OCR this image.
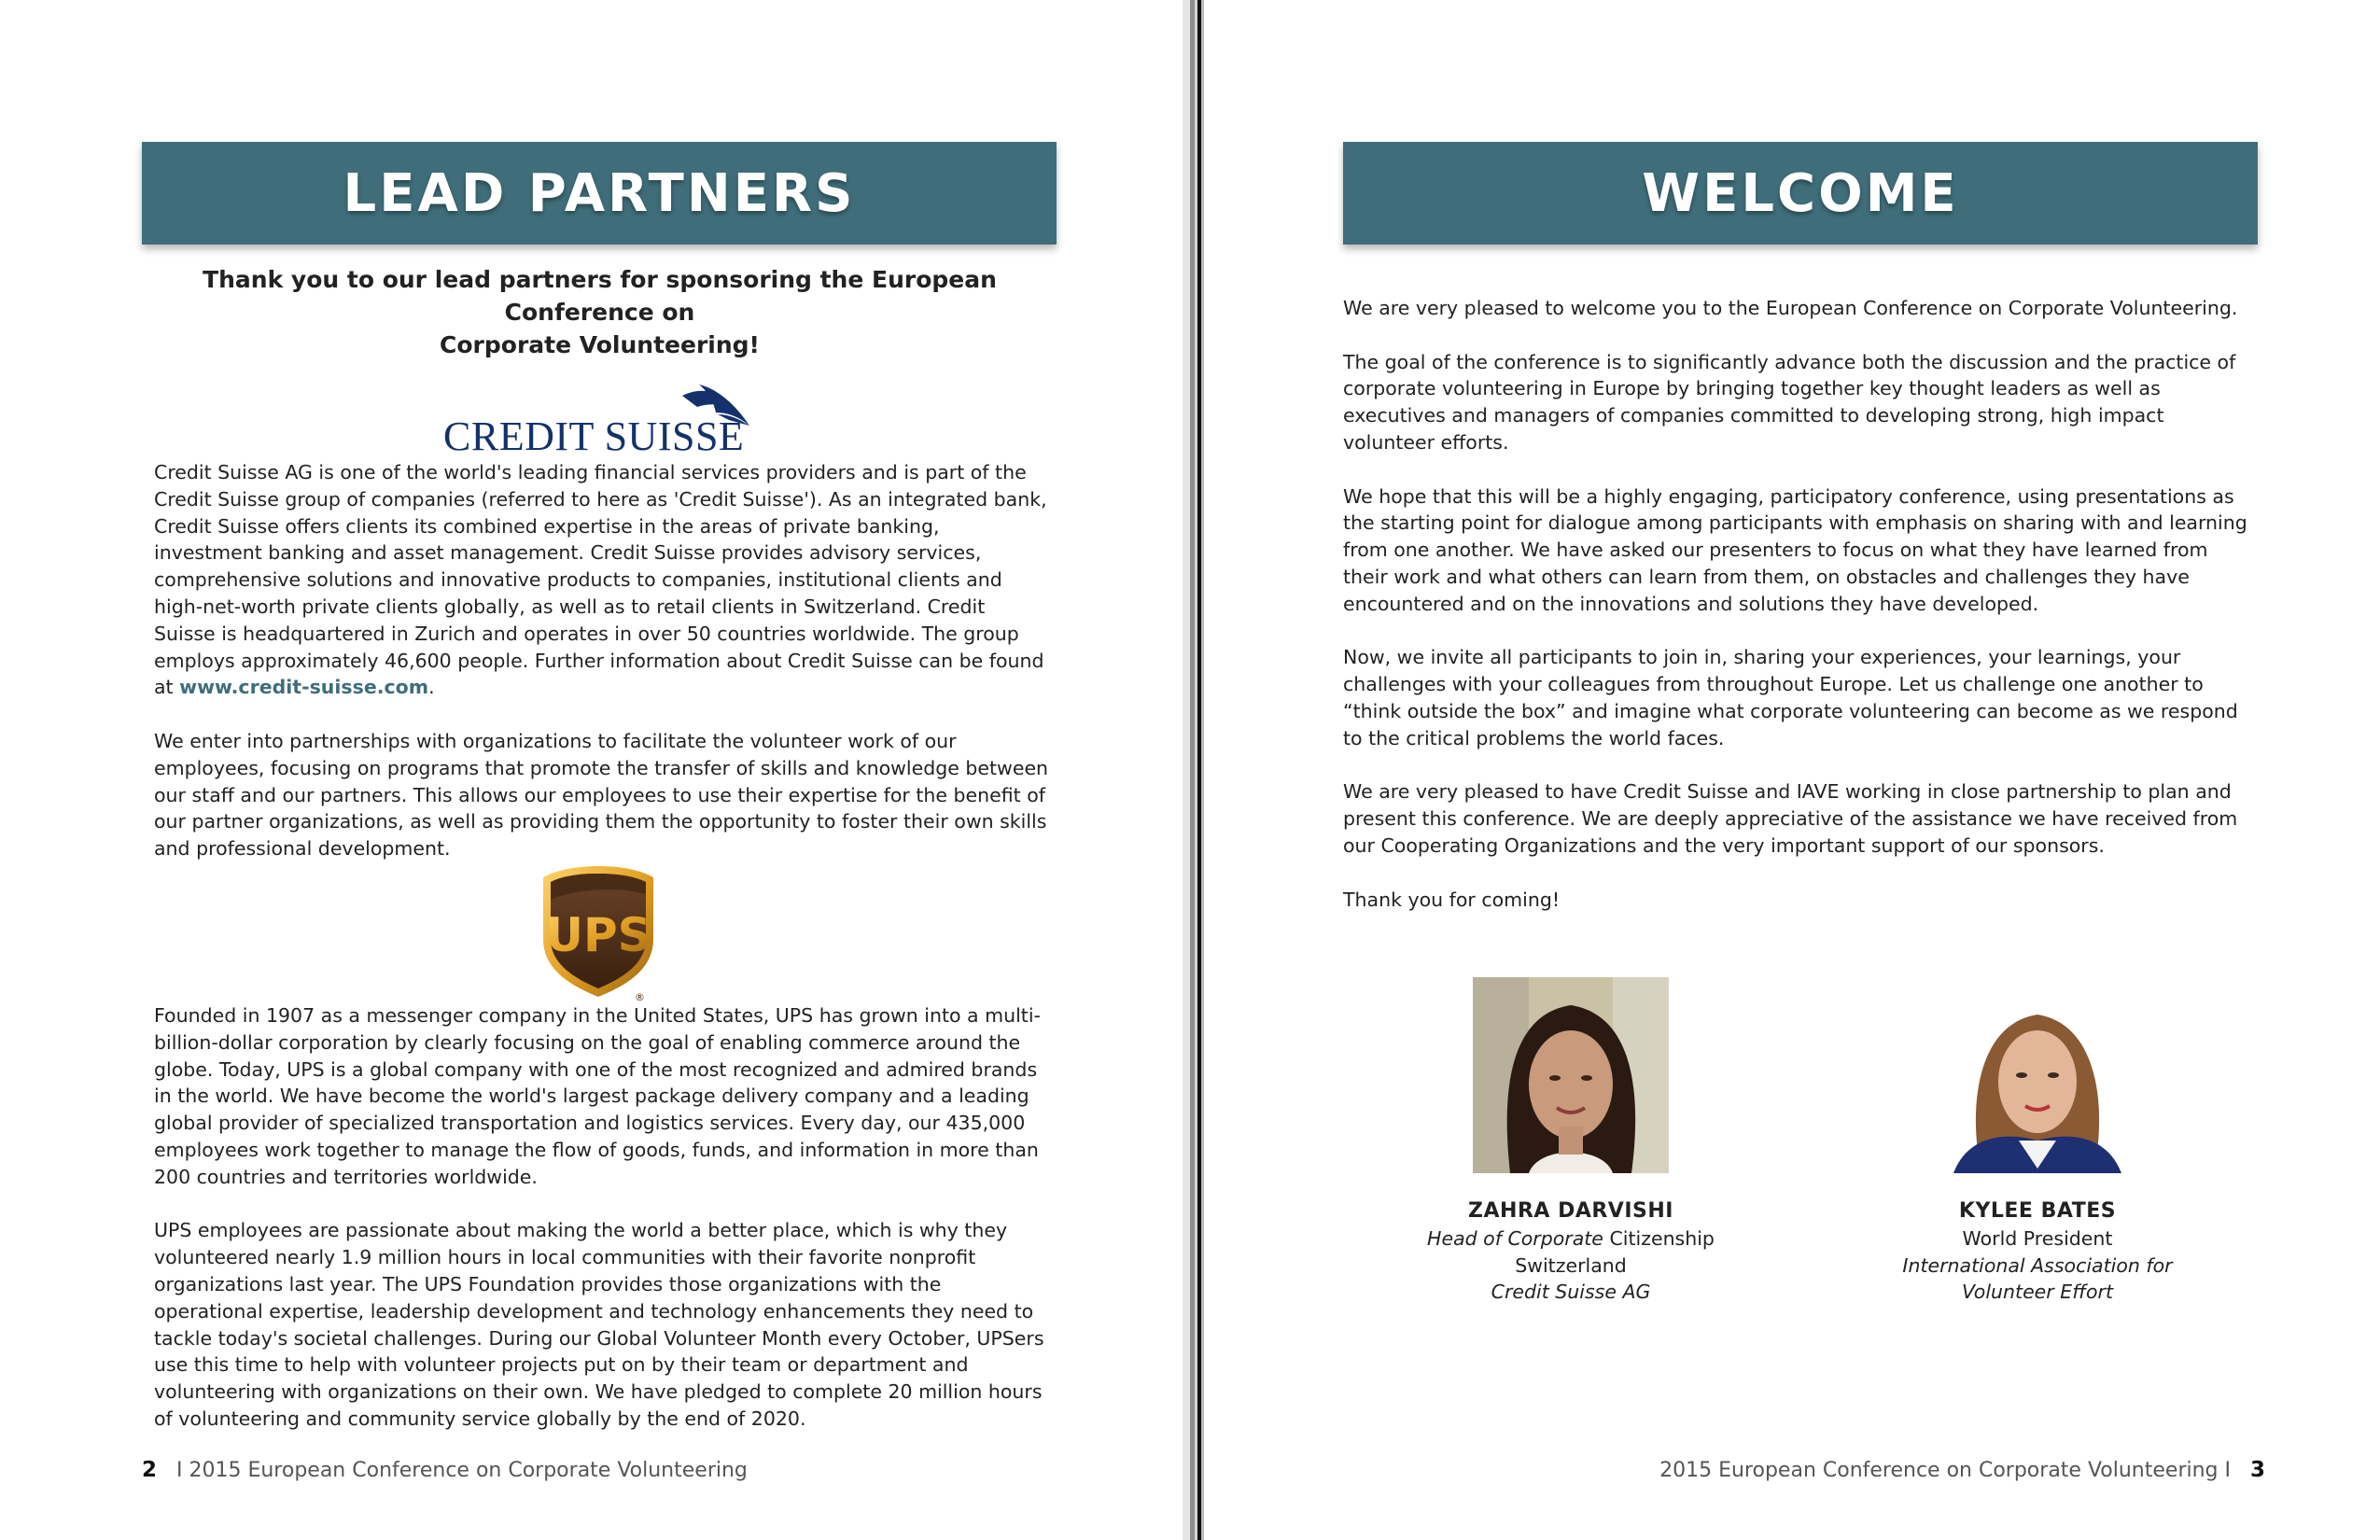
LEAD PARTNERS
Thank you to our lead partners for sponsoring the European Conference on
Corporate Volunteering!
CREDIT SUISSE

Credit Suisse AG is one of the world's leading financial services providers and is part of the Credit Suisse group of companies (referred to here as 'Credit Suisse'). As an integrated bank, Credit Suisse offers clients its combined expertise in the areas of private banking, investment banking and asset management. Credit Suisse provides advisory services, comprehensive solutions and innovative products to companies, institutional clients and high-net-worth private clients globally, as well as to retail clients in Switzerland. Credit Suisse is headquartered in Zurich and operates in over 50 countries worldwide. The group employs approximately 46,600 people. Further information about Credit Suisse can be found at www.credit-suisse.com.

We enter into partnerships with organizations to facilitate the volunteer work of our employees, focusing on programs that promote the transfer of skills and knowledge between our staff and our partners. This allows our employees to use their expertise for the benefit of our partner organizations, as well as providing them the opportunity to foster their own skills and professional development.

UPS
®

Founded in 1907 as a messenger company in the United States, UPS has grown into a multi-billion-dollar corporation by clearly focusing on the goal of enabling commerce around the globe. Today, UPS is a global company with one of the most recognized and admired brands in the world. We have become the world's largest package delivery company and a leading global provider of specialized transportation and logistics services. Every day, our 435,000 employees work together to manage the flow of goods, funds, and information in more than 200 countries and territories worldwide.

UPS employees are passionate about making the world a better place, which is why they volunteered nearly 1.9 million hours in local communities with their favorite nonprofit organizations last year. The UPS Foundation provides those organizations with the operational expertise, leadership development and technology enhancements they need to tackle today's societal challenges. During our Global Volunteer Month every October, UPSers use this time to help with volunteer projects put on by their team or department and volunteering with organizations on their own. We have pledged to complete 20 million hours of volunteering and community service globally by the end of 2020.

2 I 2015 European Conference on Corporate Volunteering
WELCOME

We are very pleased to welcome you to the European Conference on Corporate Volunteering.

The goal of the conference is to significantly advance both the discussion and the practice of corporate volunteering in Europe by bringing together key thought leaders as well as executives and managers of companies committed to developing strong, high impact volunteer efforts.

We hope that this will be a highly engaging, participatory conference, using presentations as the starting point for dialogue among participants with emphasis on sharing with and learning from one another. We have asked our presenters to focus on what they have learned from their work and what others can learn from them, on obstacles and challenges they have encountered and on the innovations and solutions they have developed.

Now, we invite all participants to join in, sharing your experiences, your learnings, your challenges with your colleagues from throughout Europe. Let us challenge one another to “think outside the box” and imagine what corporate volunteering can become as we respond to the critical problems the world faces.

We are very pleased to have Credit Suisse and IAVE working in close partnership to plan and present this conference. We are deeply appreciative of the assistance we have received from our Cooperating Organizations and the very important support of our sponsors.

Thank you for coming!

ZAHRA DARVISHI
Head of Corporate Citizenship
Switzerland
Credit Suisse AG
KYLEE BATES
World President
International Association for
Volunteer Effort
2015 European Conference on Corporate Volunteering I 3
